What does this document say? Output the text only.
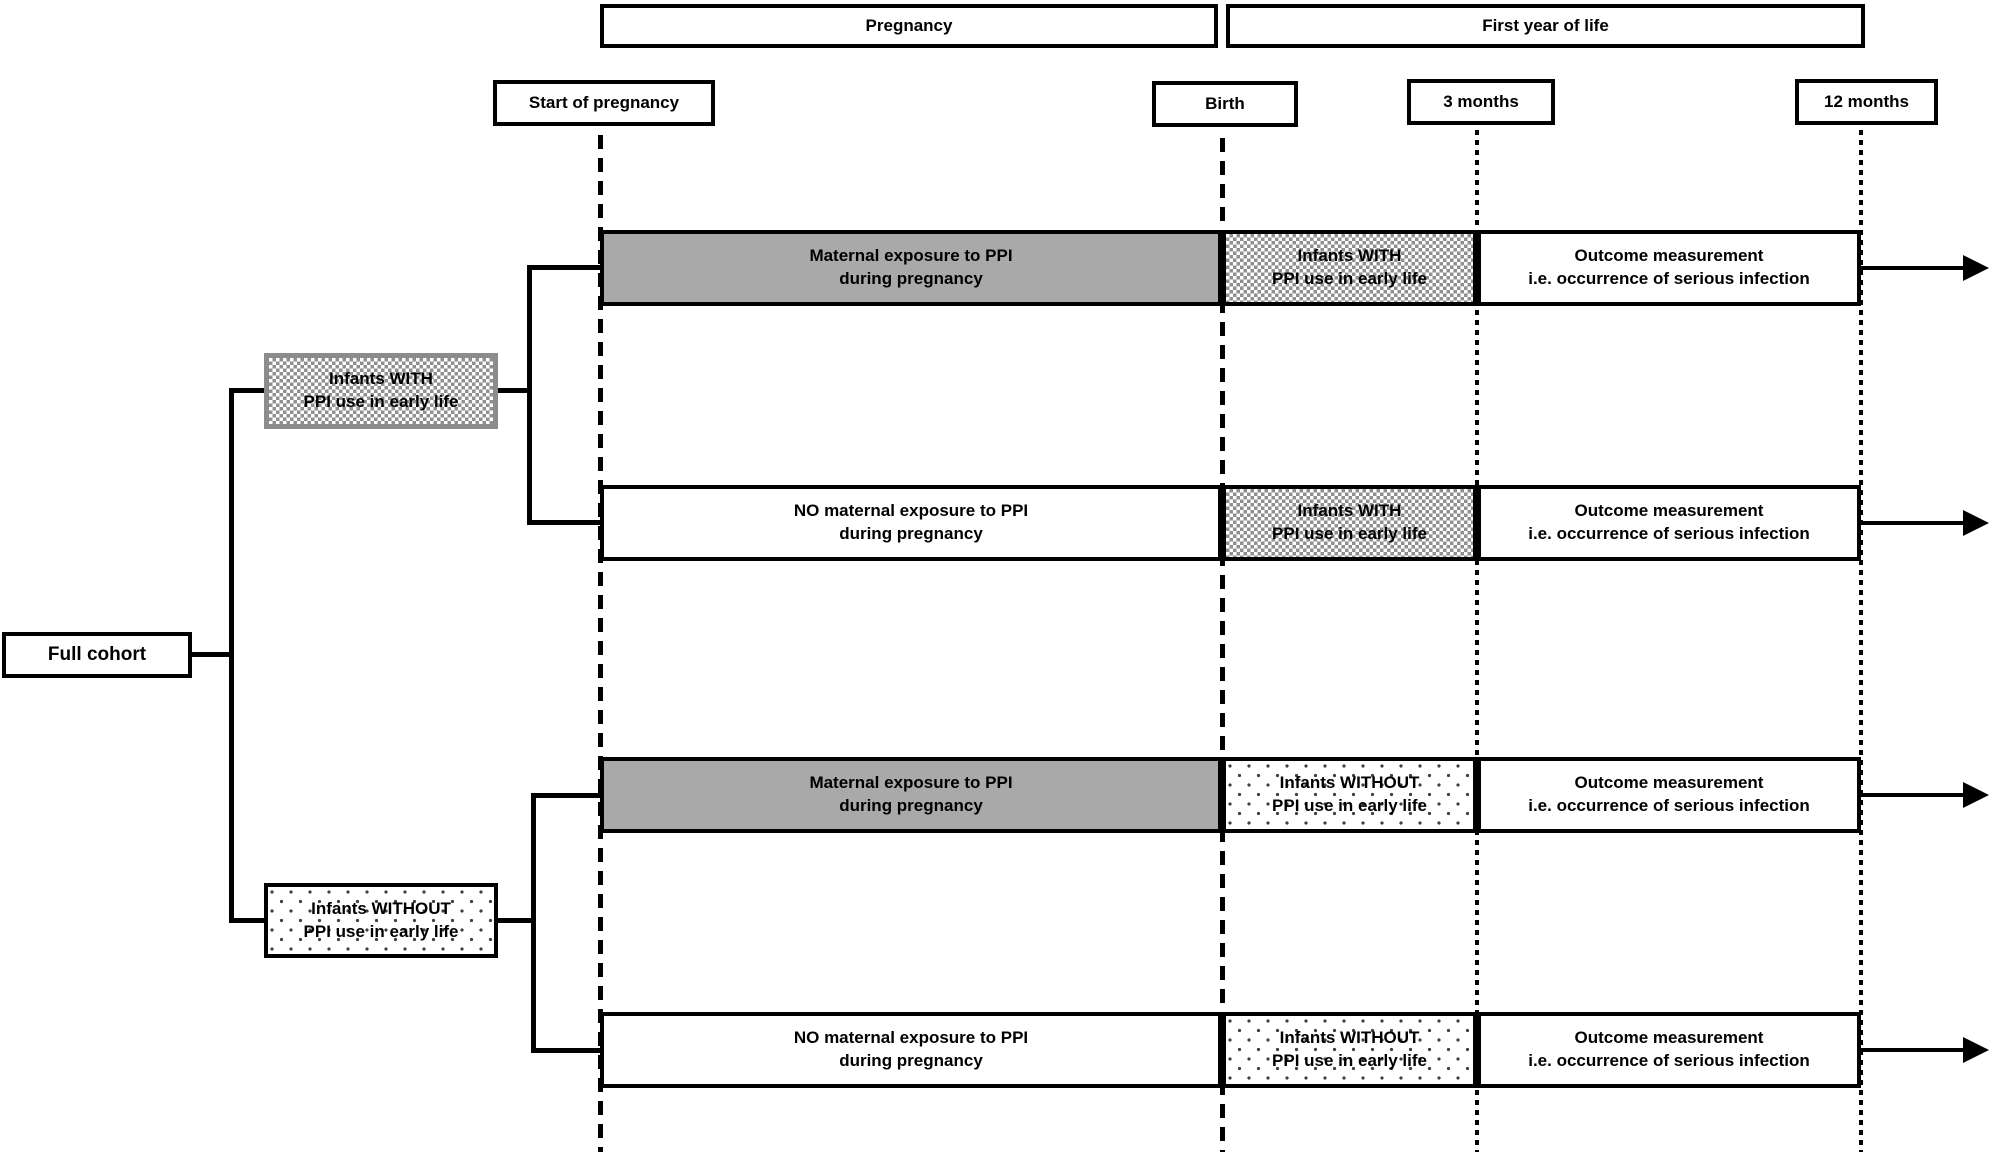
Pregnancy	First year of life
Start of pregnancy	Birth	3 months	12 months
Full cohort
Infants WITH
PPI use in early life
Infants WITHOUT
PPI use in early life
Maternal exposure to PPI
during pregnancy
Infants WITH
PPI use in early life
Outcome measurement
i.e. occurrence of serious infection
NO maternal exposure to PPI
during pregnancy
Infants WITH
PPI use in early life
Outcome measurement
i.e. occurrence of serious infection
Maternal exposure to PPI
during pregnancy
Infants WITHOUT
PPI use in early life
Outcome measurement
i.e. occurrence of serious infection
NO maternal exposure to PPI
during pregnancy
Infants WITHOUT
PPI use in early life
Outcome measurement
i.e. occurrence of serious infection
